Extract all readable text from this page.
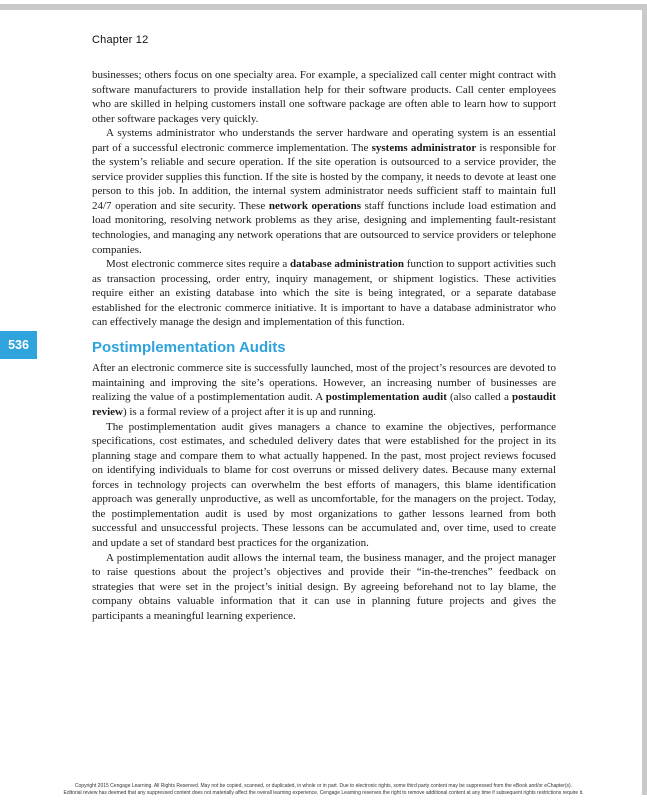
Chapter 12
536

businesses; others focus on one specialty area. For example, a specialized call center might contract with software manufacturers to provide installation help for their software products. Call center employees who are skilled in helping customers install one software package are often able to learn how to support other software packages very quickly.

A systems administrator who understands the server hardware and operating system is an essential part of a successful electronic commerce implementation. The systems administrator is responsible for the system’s reliable and secure operation. If the site operation is outsourced to a service provider, the service provider supplies this function. If the site is hosted by the company, it needs to devote at least one person to this job. In addition, the internal system administrator needs sufficient staff to maintain full 24/7 operation and site security. These network operations staff functions include load estimation and load monitoring, resolving network problems as they arise, designing and implementing fault-resistant technologies, and managing any network operations that are outsourced to service providers or telephone companies.

Most electronic commerce sites require a database administration function to support activities such as transaction processing, order entry, inquiry management, or shipment logistics. These activities require either an existing database into which the site is being integrated, or a separate database established for the electronic commerce initiative. It is important to have a database administrator who can effectively manage the design and implementation of this function.

Postimplementation Audits

After an electronic commerce site is successfully launched, most of the project’s resources are devoted to maintaining and improving the site’s operations. However, an increasing number of businesses are realizing the value of a postimplementation audit. A postimplementation audit (also called a postaudit review) is a formal review of a project after it is up and running.

The postimplementation audit gives managers a chance to examine the objectives, performance specifications, cost estimates, and scheduled delivery dates that were established for the project in its planning stage and compare them to what actually happened. In the past, most project reviews focused on identifying individuals to blame for cost overruns or missed delivery dates. Because many external forces in technology projects can overwhelm the best efforts of managers, this blame identification approach was generally unproductive, as well as uncomfortable, for the managers on the project. Today, the postimplementation audit is used by most organizations to gather lessons learned from both successful and unsuccessful projects. These lessons can be accumulated and, over time, used to create and update a set of standard best practices for the organization.

A postimplementation audit allows the internal team, the business manager, and the project manager to raise questions about the project’s objectives and provide their “in-the-trenches” feedback on strategies that were set in the project’s initial design. By agreeing beforehand not to lay blame, the company obtains valuable information that it can use in planning future projects and gives the participants a meaningful learning experience.

Copyright 2015 Cengage Learning. All Rights Reserved. May not be copied, scanned, or duplicated, in whole or in part. Due to electronic rights, some third party content may be suppressed from the eBook and/or eChapter(s).
Editorial review has deemed that any suppressed content does not materially affect the overall learning experience. Cengage Learning reserves the right to remove additional content at any time if subsequent rights restrictions require it.
